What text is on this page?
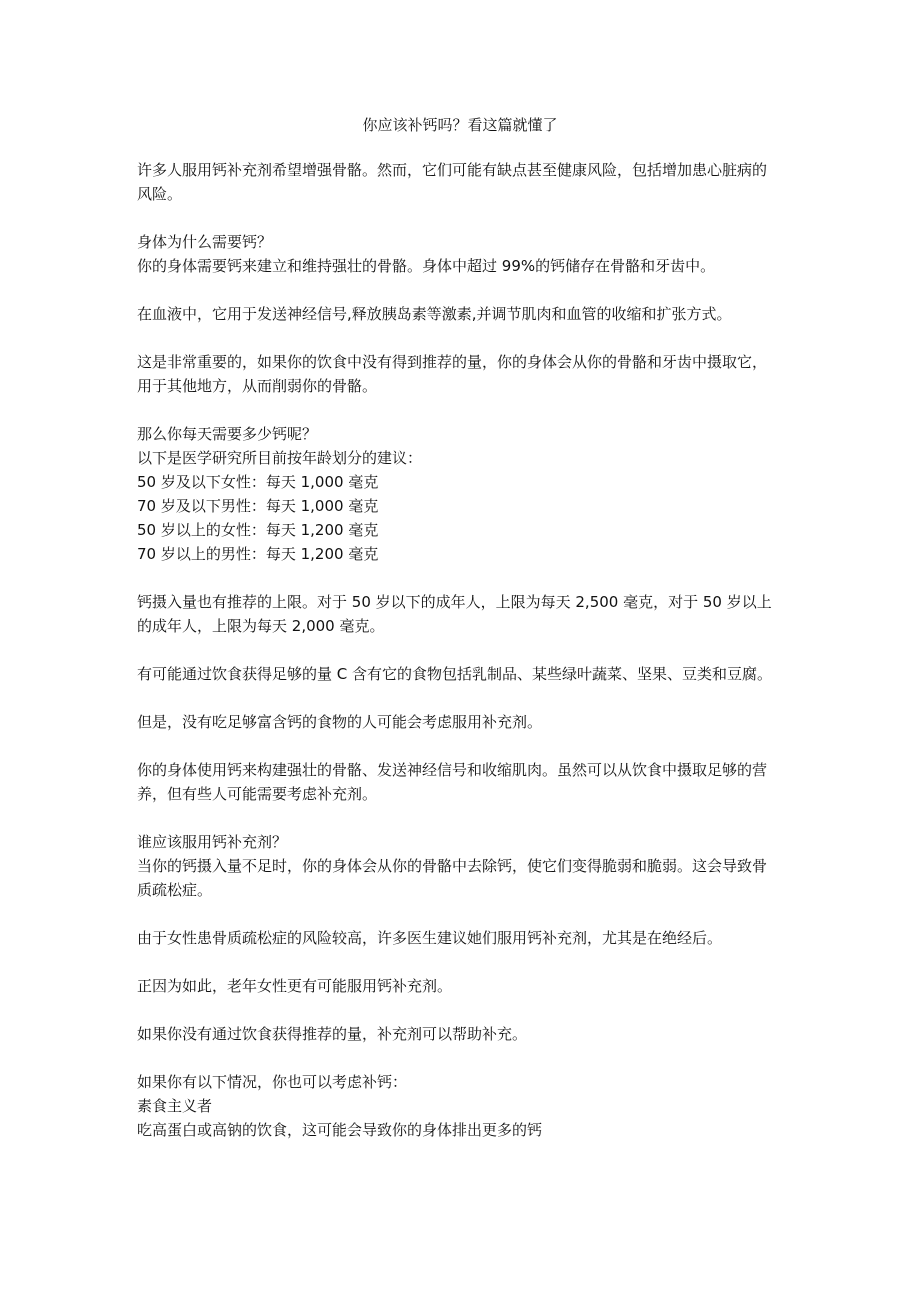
你应该补钙吗？看这篇就懂了

许多人服用钙补充剂希望增强骨骼。然而，它们可能有缺点甚至健康风险，包括增加患心脏病的风险。

身体为什么需要钙？
你的身体需要钙来建立和维持强壮的骨骼。身体中超过 99%的钙储存在骨骼和牙齿中。

在血液中，它用于发送神经信号,释放胰岛素等激素,并调节肌肉和血管的收缩和扩张方式。

这是非常重要的，如果你的饮食中没有得到推荐的量，你的身体会从你的骨骼和牙齿中摄取它，用于其他地方，从而削弱你的骨骼。

那么你每天需要多少钙呢？
以下是医学研究所目前按年龄划分的建议：
50 岁及以下女性：每天 1,000 毫克
70 岁及以下男性：每天 1,000 毫克
50 岁以上的女性：每天 1,200 毫克
70 岁以上的男性：每天 1,200 毫克

钙摄入量也有推荐的上限。对于 50 岁以下的成年人，上限为每天 2,500 毫克，对于 50 岁以上的成年人，上限为每天 2,000 毫克。

有可能通过饮食获得足够的量 C 含有它的食物包括乳制品、某些绿叶蔬菜、坚果、豆类和豆腐。

但是，没有吃足够富含钙的食物的人可能会考虑服用补充剂。

你的身体使用钙来构建强壮的骨骼、发送神经信号和收缩肌肉。虽然可以从饮食中摄取足够的营养，但有些人可能需要考虑补充剂。

谁应该服用钙补充剂？
当你的钙摄入量不足时，你的身体会从你的骨骼中去除钙，使它们变得脆弱和脆弱。这会导致骨质疏松症。

由于女性患骨质疏松症的风险较高，许多医生建议她们服用钙补充剂，尤其是在绝经后。

正因为如此，老年女性更有可能服用钙补充剂。

如果你没有通过饮食获得推荐的量，补充剂可以帮助补充。

如果你有以下情况，你也可以考虑补钙：
素食主义者
吃高蛋白或高钠的饮食，这可能会导致你的身体排出更多的钙
